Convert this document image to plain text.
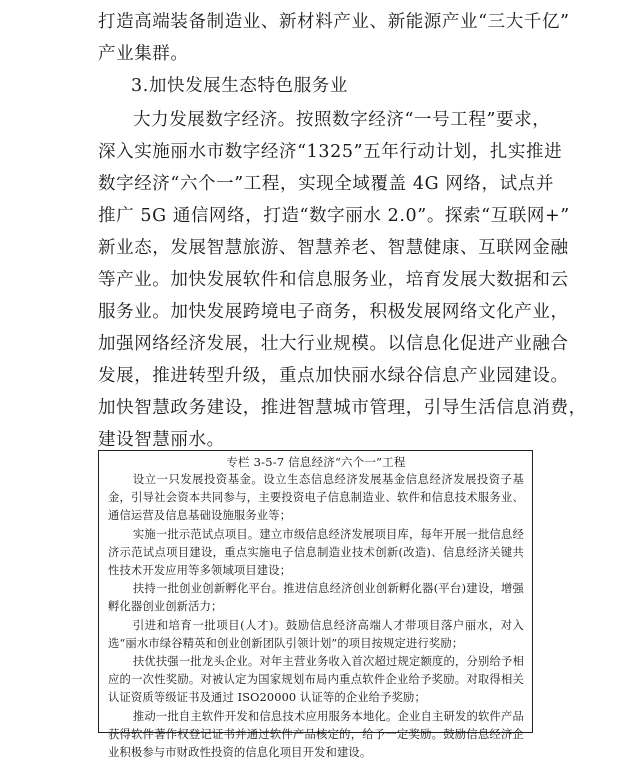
打造高端装备制造业、新材料产业、新能源产业“三大千亿”
产业集群。
3.加快发展生态特色服务业
大力发展数字经济。按照数字经济“一号工程”要求，
深入实施丽水市数字经济“1325”五年行动计划，扎实推进
数字经济“六个一”工程，实现全域覆盖 4G 网络，试点并
推广 5G 通信网络，打造“数字丽水 2.0”。探索“互联网+”
新业态，发展智慧旅游、智慧养老、智慧健康、互联网金融
等产业。加快发展软件和信息服务业，培育发展大数据和云
服务业。加快发展跨境电子商务，积极发展网络文化产业，
加强网络经济发展，壮大行业规模。以信息化促进产业融合
发展，推进转型升级，重点加快丽水绿谷信息产业园建设。
加快智慧政务建设，推进智慧城市管理，引导生活信息消费，
建设智慧丽水。
专栏 3-5-7 信息经济“六个一”工程

设立一只发展投资基金。设立生态信息经济发展基金信息经济发展投资子基金，引导社会资本共同参与，主要投资电子信息制造业、软件和信息技术服务业、通信运营及信息基础设施服务业等；

实施一批示范试点项目。建立市级信息经济发展项目库，每年开展一批信息经济示范试点项目建设，重点实施电子信息制造业技术创新(改造)、信息经济关键共性技术开发应用等多领域项目建设；

扶持一批创业创新孵化平台。推进信息经济创业创新孵化器(平台)建设，增强孵化器创业创新活力；

引进和培育一批项目(人才)。鼓励信息经济高端人才带项目落户丽水，对入选“丽水市绿谷精英和创业创新团队引领计划”的项目按规定进行奖励；

扶优扶强一批龙头企业。对年主营业务收入首次超过规定额度的，分别给予相应的一次性奖励。对被认定为国家规划布局内重点软件企业给予奖励。对取得相关认证资质等级证书及通过 ISO20000 认证等的企业给予奖励；

推动一批自主软件开发和信息技术应用服务本地化。企业自主研发的软件产品获得软件著作权登记证书并通过软件产品核定的，给予一定奖励。鼓励信息经济企业积极参与市财政性投资的信息化项目开发和建设。
